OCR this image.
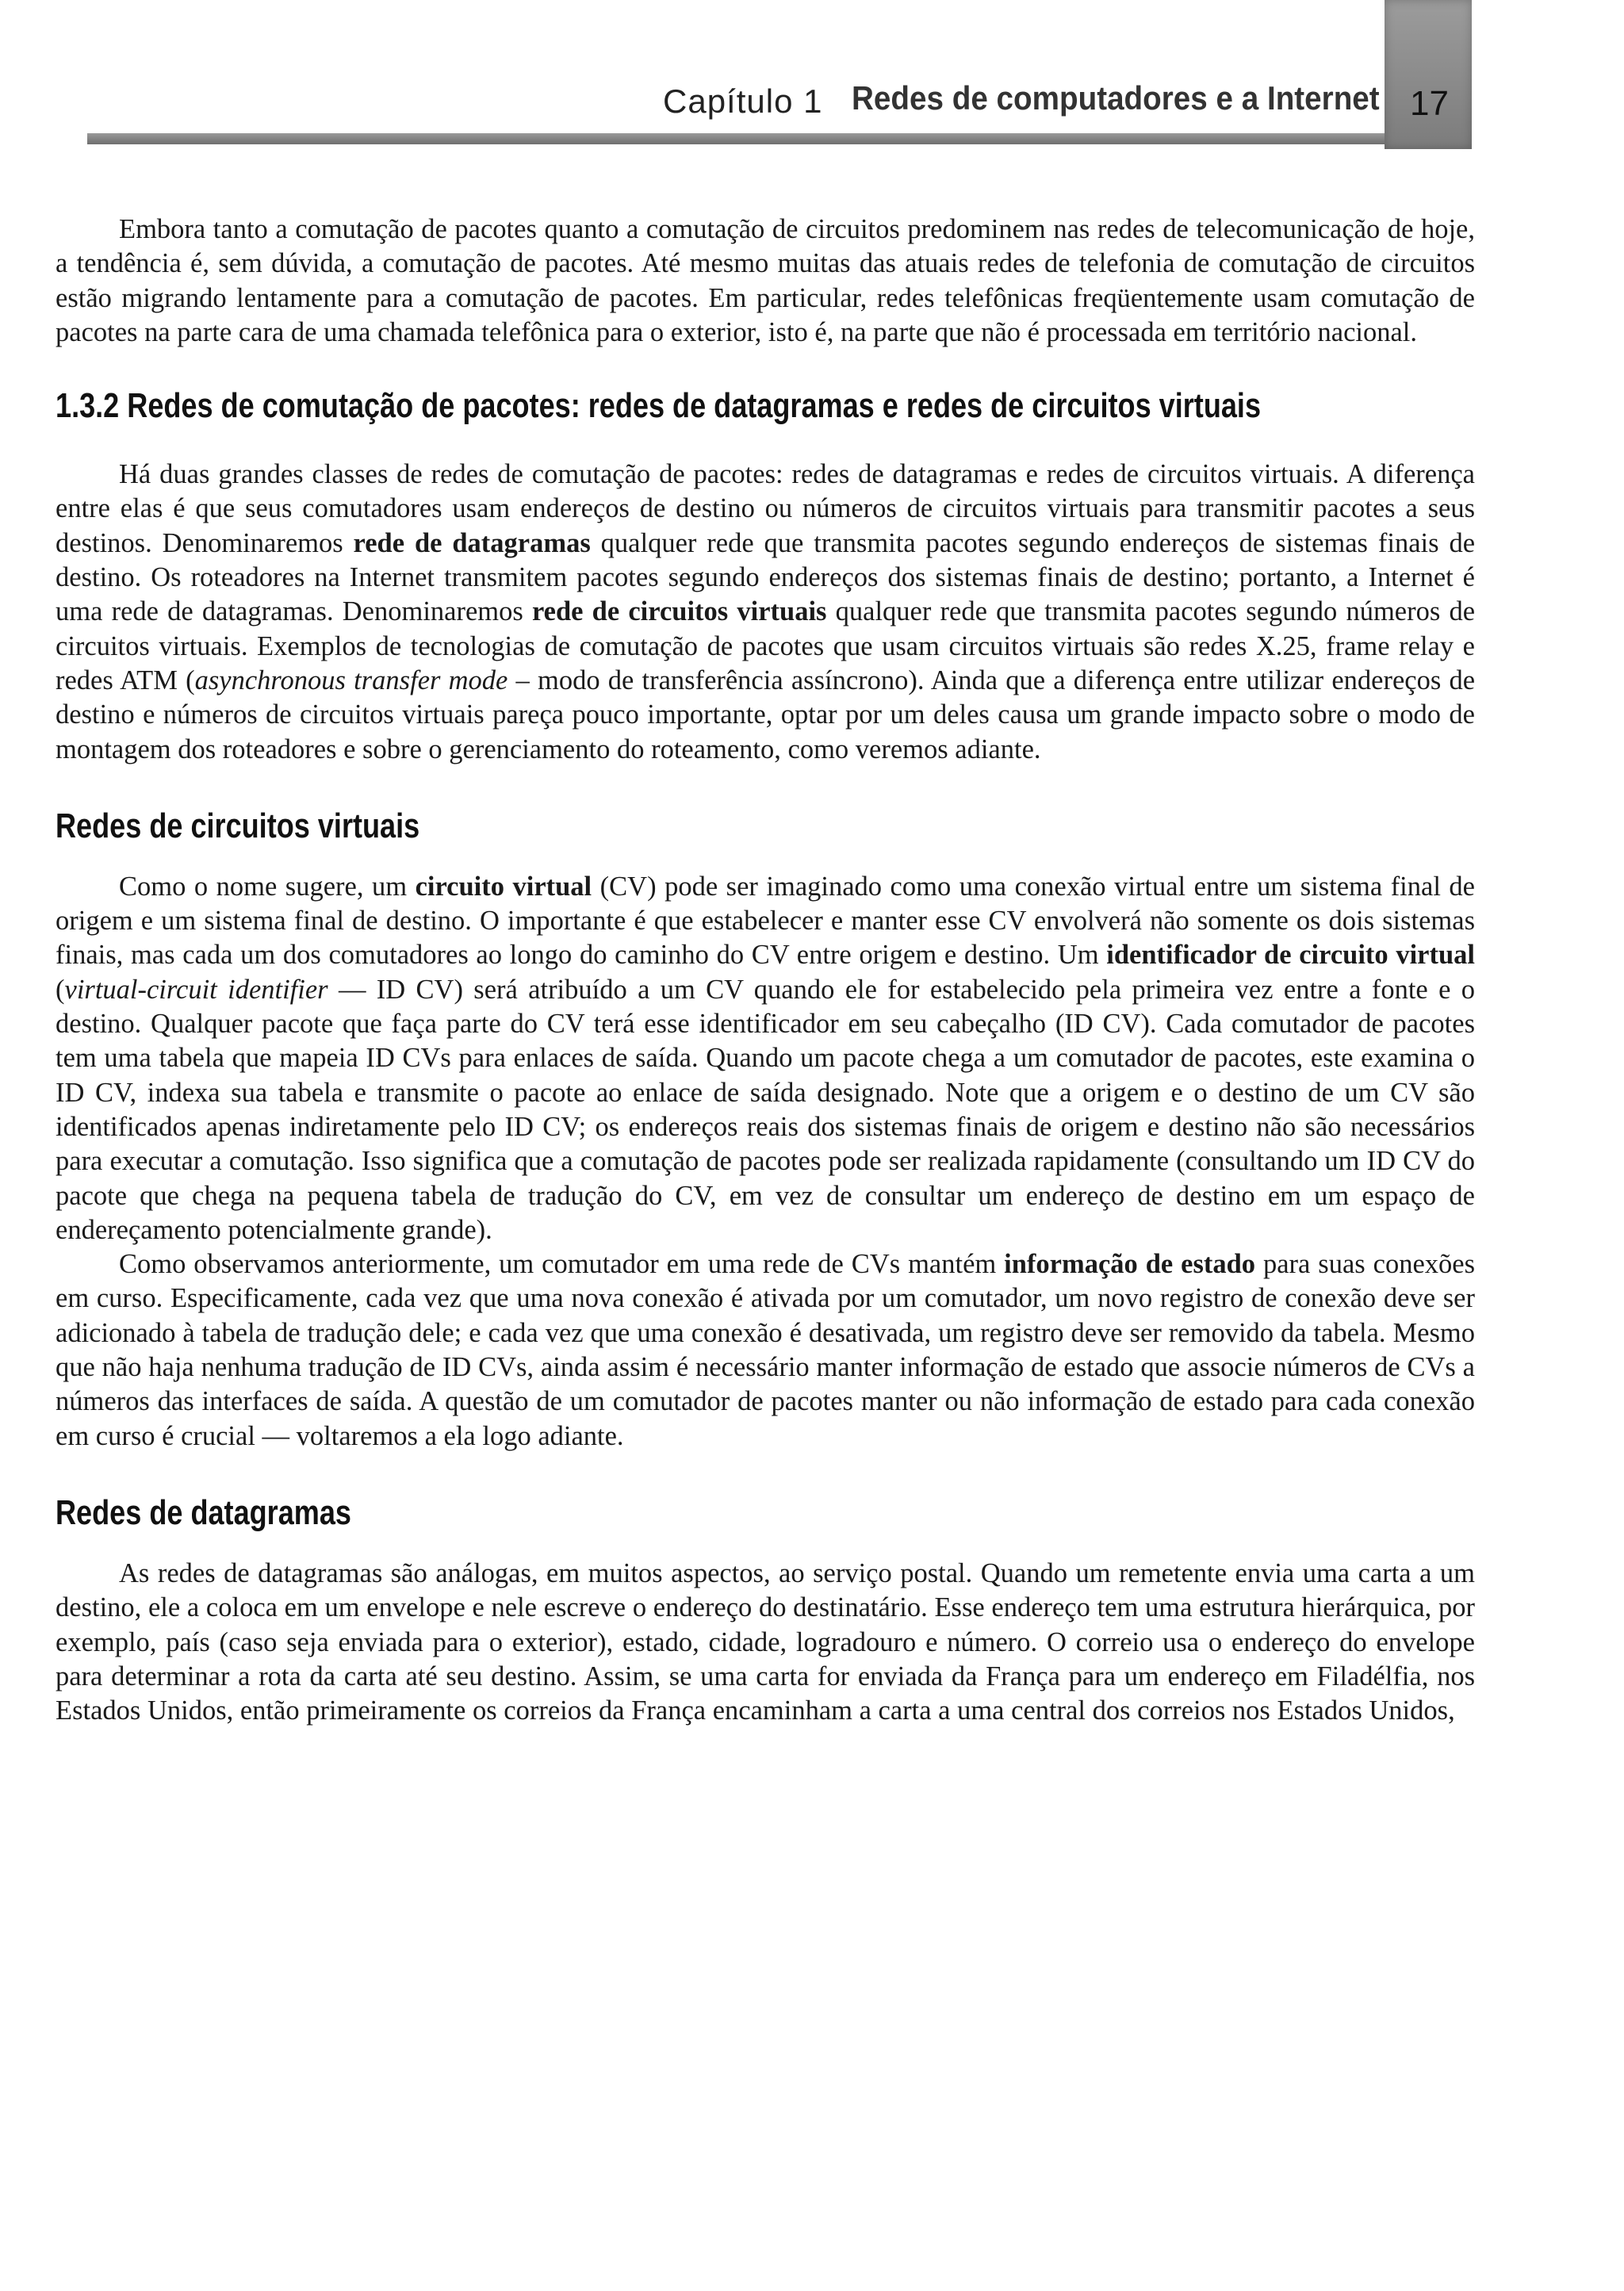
Capítulo 1 Redes de computadores e a Internet 17

Embora tanto a comutação de pacotes quanto a comutação de circuitos predominem nas redes de telecomunicação de hoje, a tendência é, sem dúvida, a comutação de pacotes. Até mesmo muitas das atuais redes de telefonia de comutação de circuitos estão migrando lentamente para a comutação de pacotes. Em particular, redes telefônicas freqüentemente usam comutação de pacotes na parte cara de uma chamada telefônica para o exterior, isto é, na parte que não é processada em território nacional.

1.3.2 Redes de comutação de pacotes: redes de datagramas e redes de circuitos virtuais

Há duas grandes classes de redes de comutação de pacotes: redes de datagramas e redes de circuitos virtuais. A diferença entre elas é que seus comutadores usam endereços de destino ou números de circuitos virtuais para transmitir pacotes a seus destinos. Denominaremos rede de datagramas qualquer rede que transmita pacotes segundo endereços de sistemas finais de destino. Os roteadores na Internet transmitem pacotes segundo endereços dos sistemas finais de destino; portanto, a Internet é uma rede de datagramas. Denominaremos rede de circuitos virtuais qualquer rede que transmita pacotes segundo números de circuitos virtuais. Exemplos de tecnologias de comutação de pacotes que usam circuitos virtuais são redes X.25, frame relay e redes ATM (asynchronous transfer mode – modo de transferência assíncrono). Ainda que a diferença entre utilizar endereços de destino e números de circuitos virtuais pareça pouco importante, optar por um deles causa um grande impacto sobre o modo de montagem dos roteadores e sobre o gerenciamento do roteamento, como veremos adiante.

Redes de circuitos virtuais

Como o nome sugere, um circuito virtual (CV) pode ser imaginado como uma conexão virtual entre um sistema final de origem e um sistema final de destino. O importante é que estabelecer e manter esse CV envolverá não somente os dois sistemas finais, mas cada um dos comutadores ao longo do caminho do CV entre origem e destino. Um identificador de circuito virtual (virtual-circuit identifier — ID CV) será atribuído a um CV quando ele for estabelecido pela primeira vez entre a fonte e o destino. Qualquer pacote que faça parte do CV terá esse identificador em seu cabeçalho (ID CV). Cada comutador de pacotes tem uma tabela que mapeia ID CVs para enlaces de saída. Quando um pacote chega a um comutador de pacotes, este examina o ID CV, indexa sua tabela e transmite o pacote ao enlace de saída designado. Note que a origem e o destino de um CV são identificados apenas indiretamente pelo ID CV; os endereços reais dos sistemas finais de origem e destino não são necessários para executar a comutação. Isso significa que a comutação de pacotes pode ser realizada rapidamente (consultando um ID CV do pacote que chega na pequena tabela de tradução do CV, em vez de consultar um endereço de destino em um espaço de endereçamento potencialmente grande).

Como observamos anteriormente, um comutador em uma rede de CVs mantém informação de estado para suas conexões em curso. Especificamente, cada vez que uma nova conexão é ativada por um comutador, um novo registro de conexão deve ser adicionado à tabela de tradução dele; e cada vez que uma conexão é desativada, um registro deve ser removido da tabela. Mesmo que não haja nenhuma tradução de ID CVs, ainda assim é necessário manter informação de estado que associe números de CVs a números das interfaces de saída. A questão de um comutador de pacotes manter ou não informação de estado para cada conexão em curso é crucial — voltaremos a ela logo adiante.

Redes de datagramas

As redes de datagramas são análogas, em muitos aspectos, ao serviço postal. Quando um remetente envia uma carta a um destino, ele a coloca em um envelope e nele escreve o endereço do destinatário. Esse endereço tem uma estrutura hierárquica, por exemplo, país (caso seja enviada para o exterior), estado, cidade, logradouro e número. O correio usa o endereço do envelope para determinar a rota da carta até seu destino. Assim, se uma carta for enviada da França para um endereço em Filadélfia, nos Estados Unidos, então primeiramente os correios da França encaminham a carta a uma central dos correios nos Estados Unidos,
